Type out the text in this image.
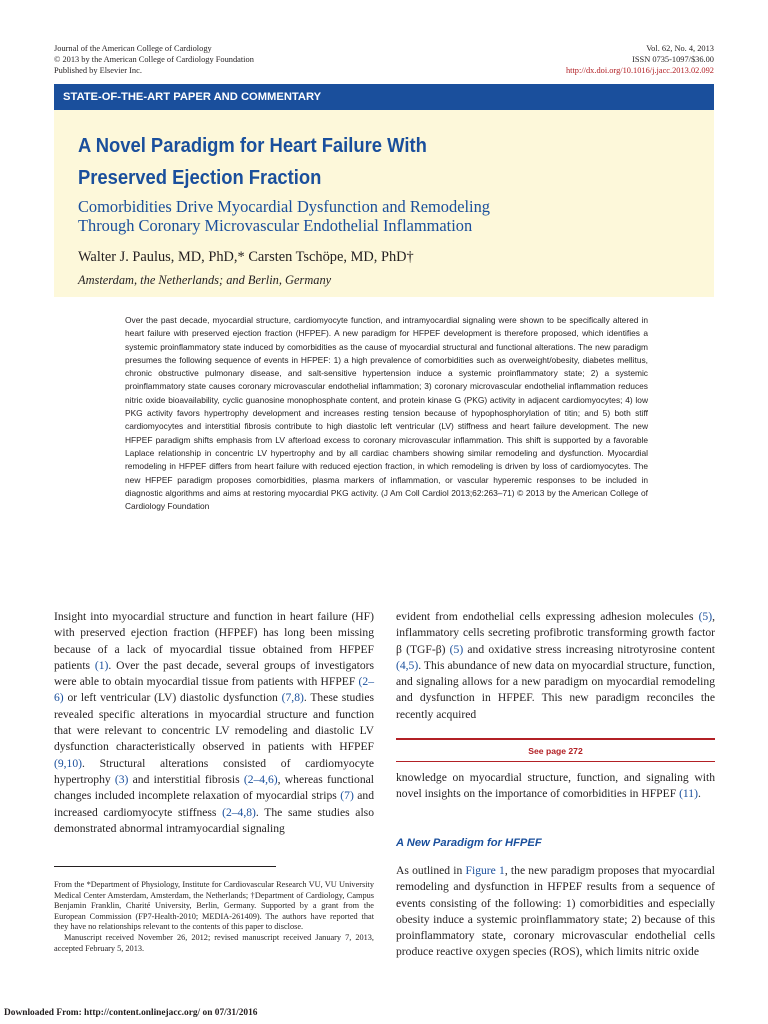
Journal of the American College of Cardiology
© 2013 by the American College of Cardiology Foundation
Published by Elsevier Inc.
Vol. 62, No. 4, 2013
ISSN 0735-1097/$36.00
http://dx.doi.org/10.1016/j.jacc.2013.02.092
STATE-OF-THE-ART PAPER AND COMMENTARY
A Novel Paradigm for Heart Failure With
Preserved Ejection Fraction
Comorbidities Drive Myocardial Dysfunction and Remodeling
Through Coronary Microvascular Endothelial Inflammation
Walter J. Paulus, MD, PhD,* Carsten Tschöpe, MD, PhD†
Amsterdam, the Netherlands; and Berlin, Germany
Over the past decade, myocardial structure, cardiomyocyte function, and intramyocardial signaling were shown to be specifically altered in heart failure with preserved ejection fraction (HFPEF). A new paradigm for HFPEF development is therefore proposed, which identifies a systemic proinflammatory state induced by comorbidities as the cause of myocardial structural and functional alterations. The new paradigm presumes the following sequence of events in HFPEF: 1) a high prevalence of comorbidities such as overweight/obesity, diabetes mellitus, chronic obstructive pulmonary disease, and salt-sensitive hypertension induce a systemic proinflammatory state; 2) a systemic proinflammatory state causes coronary microvascular endothelial inflammation; 3) coronary microvascular endothelial inflammation reduces nitric oxide bioavailability, cyclic guanosine monophosphate content, and protein kinase G (PKG) activity in adjacent cardiomyocytes; 4) low PKG activity favors hypertrophy development and increases resting tension because of hypophosphorylation of titin; and 5) both stiff cardiomyocytes and interstitial fibrosis contribute to high diastolic left ventricular (LV) stiffness and heart failure development. The new HFPEF paradigm shifts emphasis from LV afterload excess to coronary microvascular inflammation. This shift is supported by a favorable Laplace relationship in concentric LV hypertrophy and by all cardiac chambers showing similar remodeling and dysfunction. Myocardial remodeling in HFPEF differs from heart failure with reduced ejection fraction, in which remodeling is driven by loss of cardiomyocytes. The new HFPEF paradigm proposes comorbidities, plasma markers of inflammation, or vascular hyperemic responses to be included in diagnostic algorithms and aims at restoring myocardial PKG activity. (J Am Coll Cardiol 2013;62:263–71) © 2013 by the American College of Cardiology Foundation

Insight into myocardial structure and function in heart failure (HF) with preserved ejection fraction (HFPEF) has long been missing because of a lack of myocardial tissue obtained from HFPEF patients (1). Over the past decade, several groups of investigators were able to obtain myocardial tissue from patients with HFPEF (2–6) or left ventricular (LV) diastolic dysfunction (7,8). These studies revealed specific alterations in myocardial structure and function that were relevant to concentric LV remodeling and diastolic LV dysfunction characteristically observed in patients with HFPEF (9,10). Structural alterations consisted of cardiomyocyte hypertrophy (3) and interstitial fibrosis (2–4,6), whereas functional changes included incomplete relaxation of myocardial strips (7) and increased cardiomyocyte stiffness (2–4,8). The same studies also demonstrated abnormal intramyocardial signaling

From the *Department of Physiology, Institute for Cardiovascular Research VU, VU University Medical Center Amsterdam, Amsterdam, the Netherlands; †Department of Cardiology, Campus Benjamin Franklin, Charité University, Berlin, Germany. Supported by a grant from the European Commission (FP7-Health-2010; MEDIA-261409). The authors have reported that they have no relationships relevant to the contents of this paper to disclose.

Manuscript received November 26, 2012; revised manuscript received January 7, 2013, accepted February 5, 2013.

evident from endothelial cells expressing adhesion molecules (5), inflammatory cells secreting profibrotic transforming growth factor β (TGF-β) (5) and oxidative stress increasing nitrotyrosine content (4,5). This abundance of new data on myocardial structure, function, and signaling allows for a new paradigm on myocardial remodeling and dysfunction in HFPEF. This new paradigm reconciles the recently acquired

See page 272

knowledge on myocardial structure, function, and signaling with novel insights on the importance of comorbidities in HFPEF (11).

A New Paradigm for HFPEF

As outlined in Figure 1, the new paradigm proposes that myocardial remodeling and dysfunction in HFPEF results from a sequence of events consisting of the following: 1) comorbidities and especially obesity induce a systemic proinflammatory state; 2) because of this proinflammatory state, coronary microvascular endothelial cells produce reactive oxygen species (ROS), which limits nitric oxide

Downloaded From: http://content.onlinejacc.org/ on 07/31/2016
